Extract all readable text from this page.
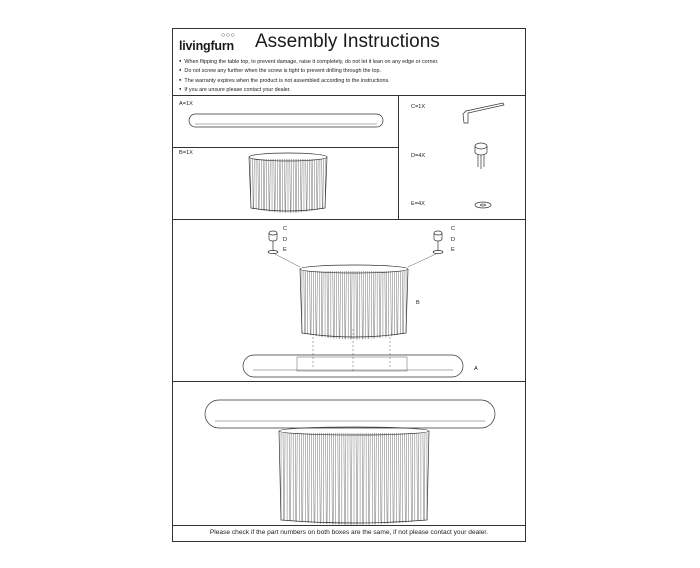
○○○
livingfurn Assembly Instructions
● When flipping the table top, to prevent damage, raise it completely, do not let it lean on any edge or corner.
● Do not screw any further when the screw is tight to prevent drilling through the top.
● The warranty expires when the product is not assembled according to the instructions.
● If you are unsure please contact your dealer.
A=1X
B=1X
C=1X
D=4X
E=4X
C
D
E
C
D
E
B
A
Please check if the part numbers on both boxes are the same, if not please contact your dealer.
